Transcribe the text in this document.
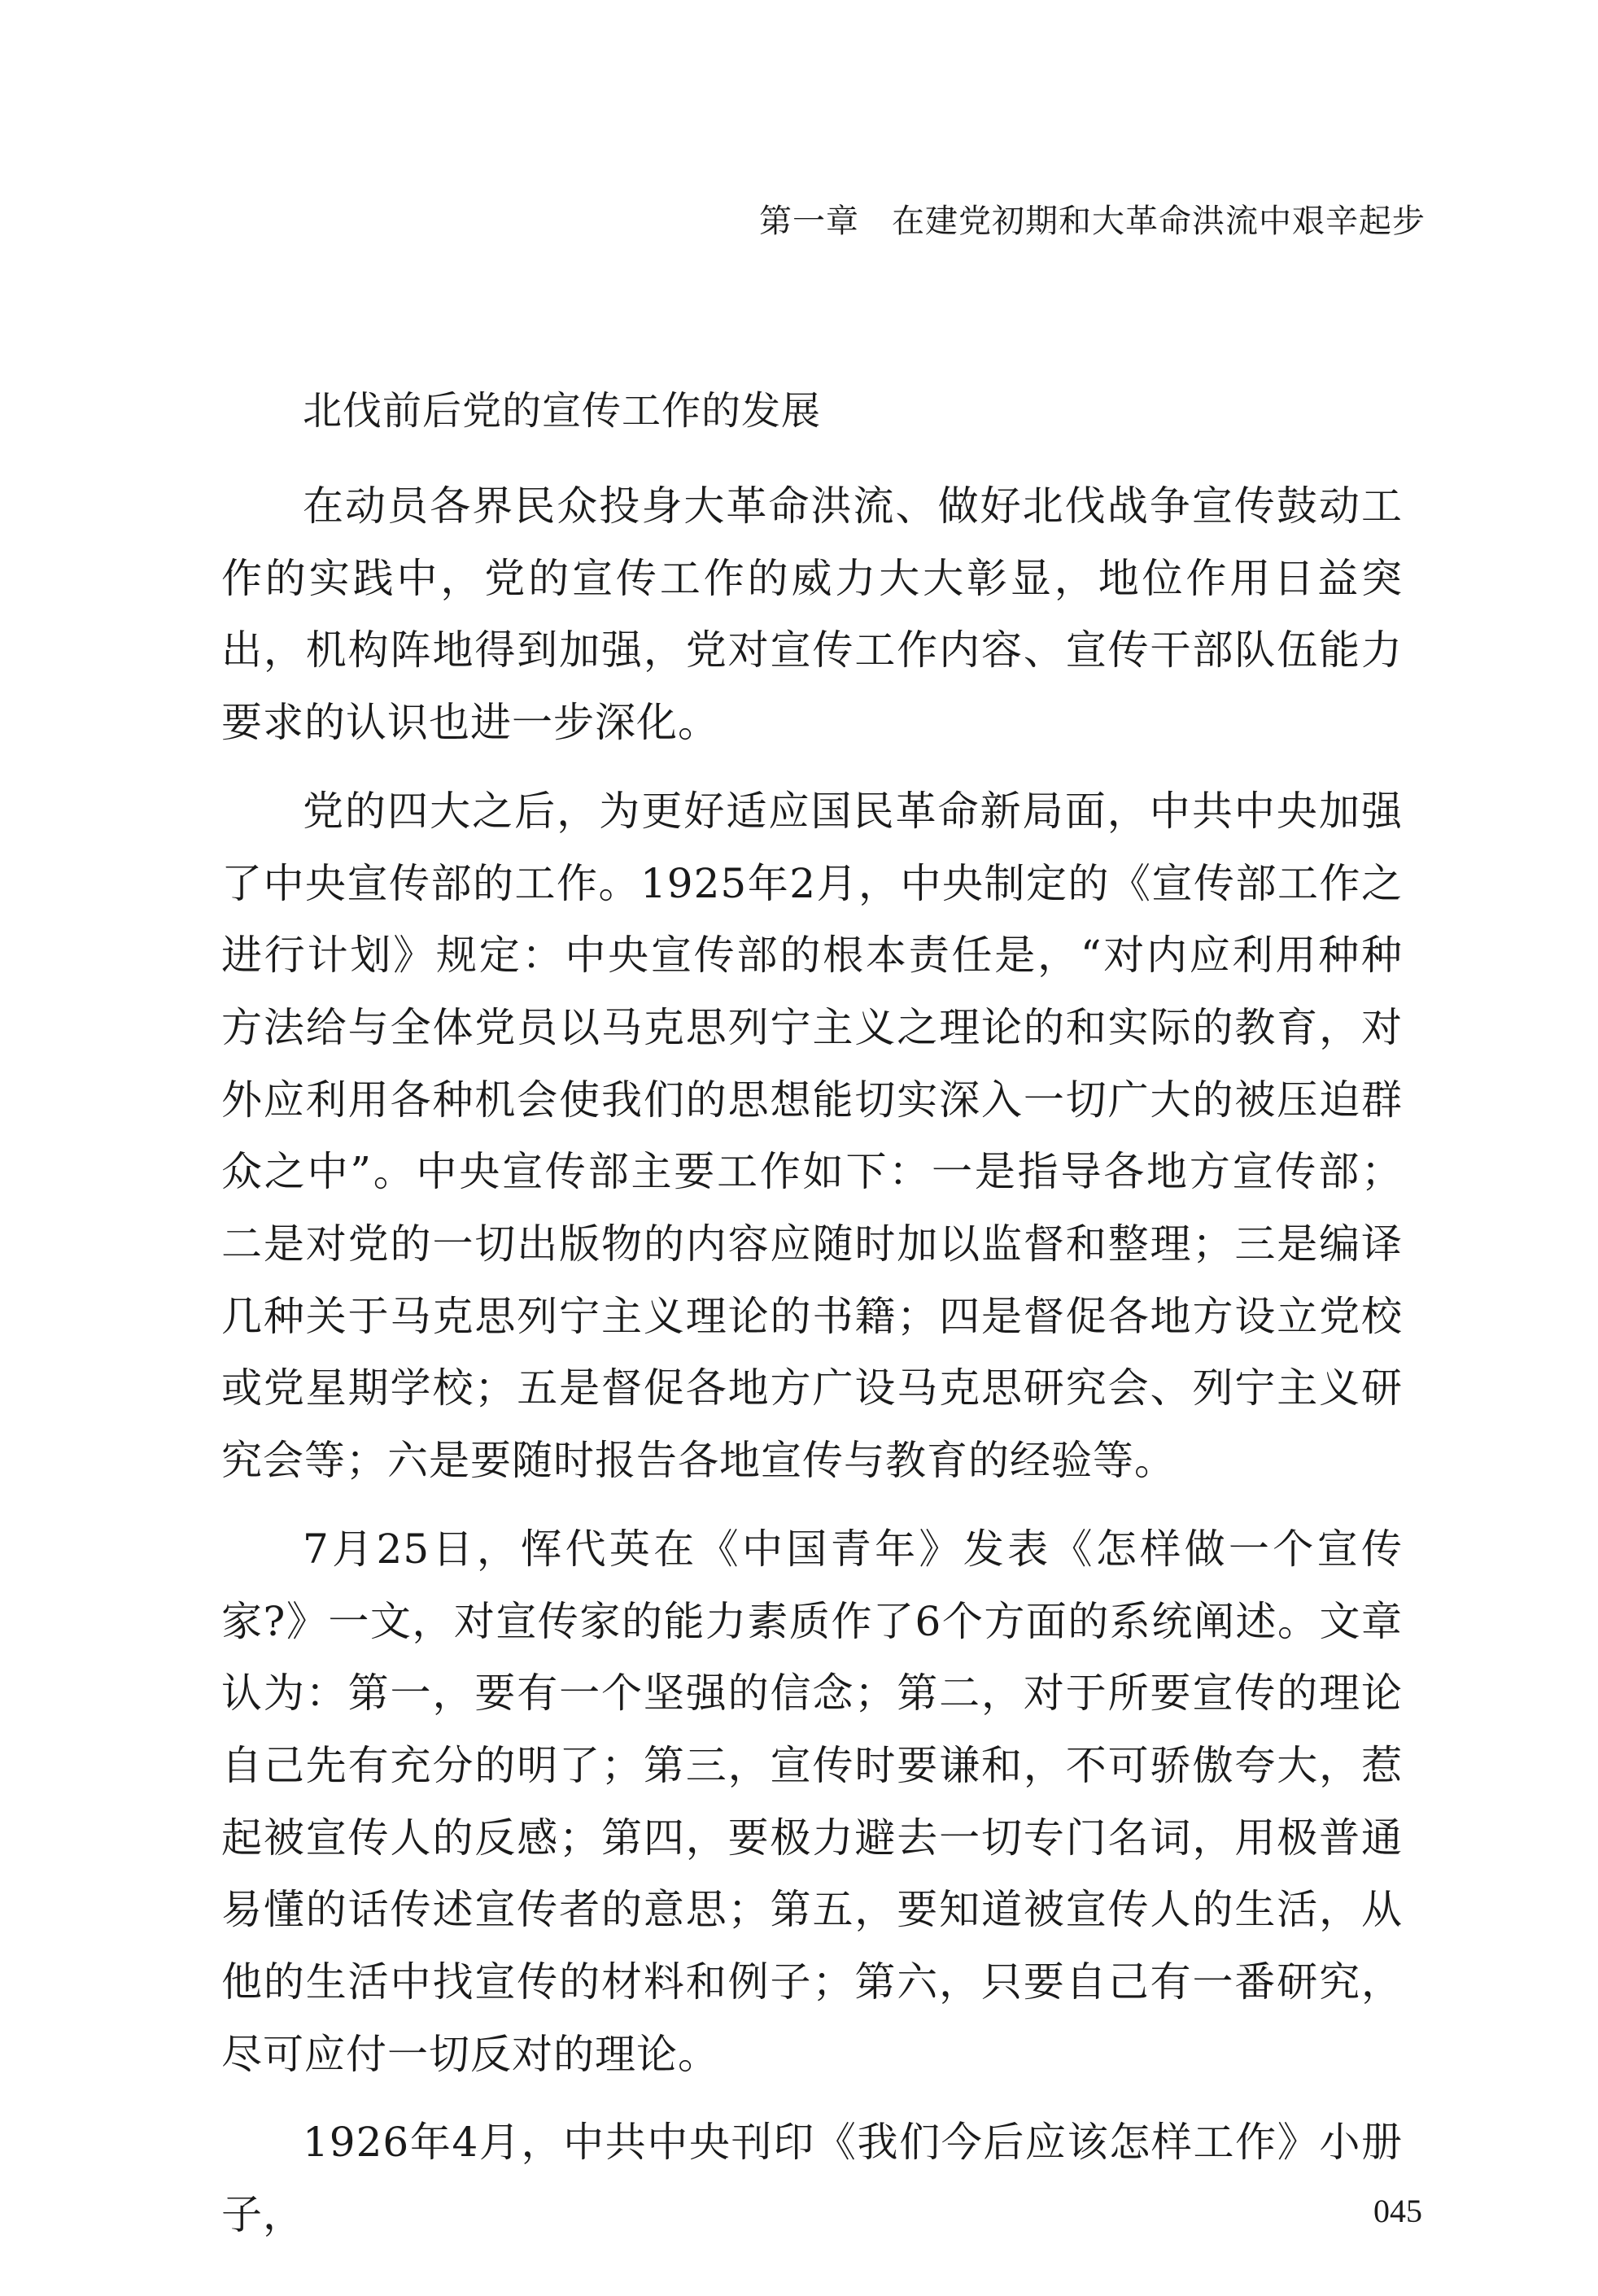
第一章 在建党初期和大革命洪流中艰辛起步
北伐前后党的宣传工作的发展

在动员各界民众投身大革命洪流、做好北伐战争宣传鼓动工作的实践中，党的宣传工作的威力大大彰显，地位作用日益突出，机构阵地得到加强，党对宣传工作内容、宣传干部队伍能力要求的认识也进一步深化。

党的四大之后，为更好适应国民革命新局面，中共中央加强了中央宣传部的工作。1925年2月，中央制定的《宣传部工作之进行计划》规定：中央宣传部的根本责任是，“对内应利用种种方法给与全体党员以马克思列宁主义之理论的和实际的教育，对外应利用各种机会使我们的思想能切实深入一切广大的被压迫群众之中”。中央宣传部主要工作如下：一是指导各地方宣传部；二是对党的一切出版物的内容应随时加以监督和整理；三是编译几种关于马克思列宁主义理论的书籍；四是督促各地方设立党校或党星期学校；五是督促各地方广设马克思研究会、列宁主义研究会等；六是要随时报告各地宣传与教育的经验等。

7月25日，恽代英在《中国青年》发表《怎样做一个宣传家?》一文，对宣传家的能力素质作了6个方面的系统阐述。文章认为：第一，要有一个坚强的信念；第二，对于所要宣传的理论自己先有充分的明了；第三，宣传时要谦和，不可骄傲夸大，惹起被宣传人的反感；第四，要极力避去一切专门名词，用极普通易懂的话传述宣传者的意思；第五，要知道被宣传人的生活，从他的生活中找宣传的材料和例子；第六，只要自己有一番研究，尽可应付一切反对的理论。

1926年4月，中共中央刊印《我们今后应该怎样工作》小册子，	045
